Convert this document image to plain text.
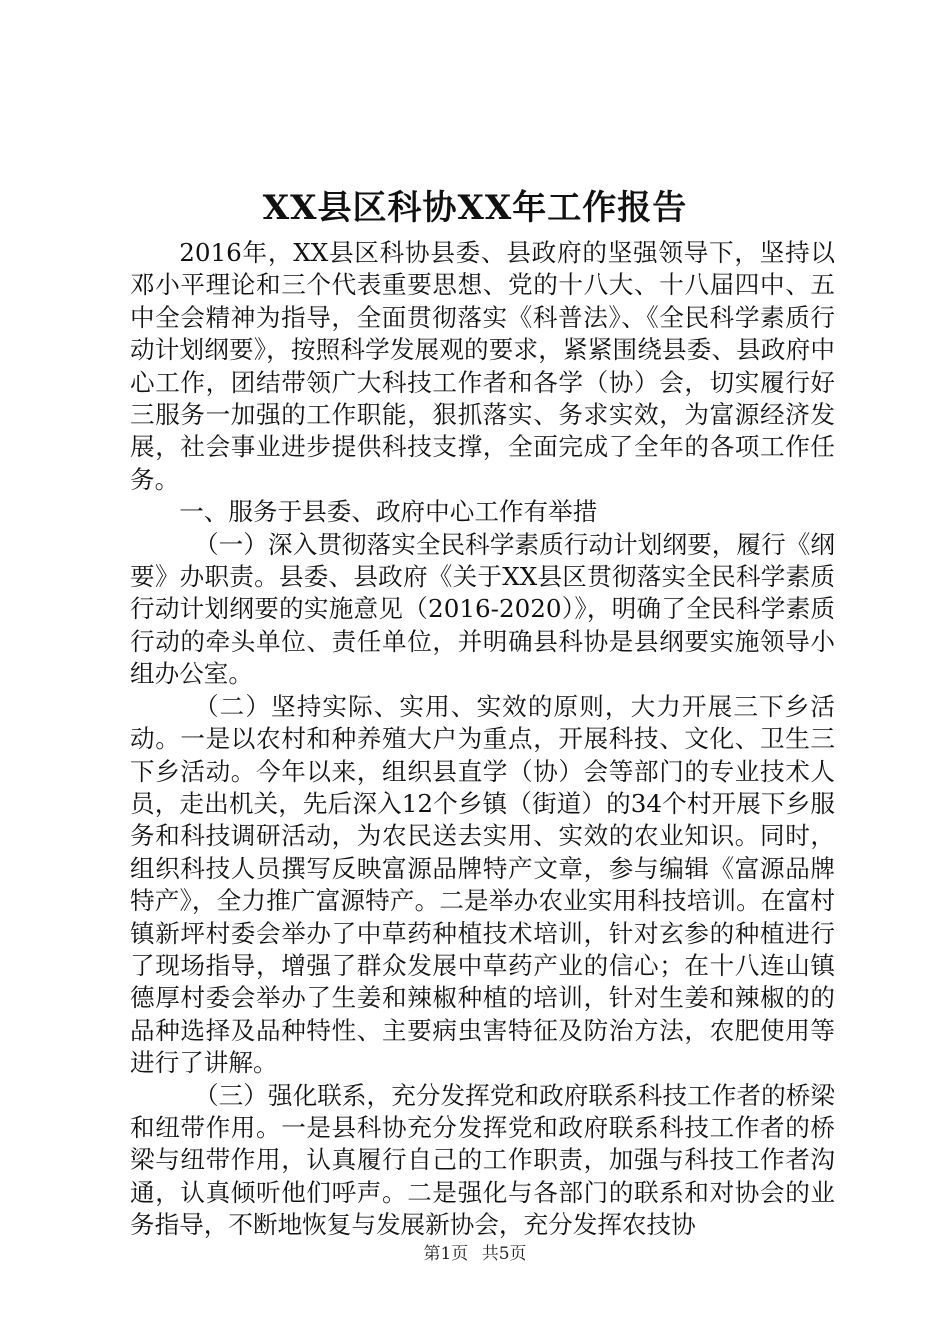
XX县区科协XX年工作报告

2016年，XX县区科协县委、县政府的坚强领导下，坚持以邓小平理论和三个代表重要思想、党的十八大、十八届四中、五中全会精神为指导，全面贯彻落实《科普法》、《全民科学素质行动计划纲要》，按照科学发展观的要求，紧紧围绕县委、县政府中心工作，团结带领广大科技工作者和各学（协）会，切实履行好三服务一加强的工作职能，狠抓落实、务求实效，为富源经济发展，社会事业进步提供科技支撑，全面完成了全年的各项工作任务。

一、服务于县委、政府中心工作有举措

（一）深入贯彻落实全民科学素质行动计划纲要，履行《纲要》办职责。县委、县政府《关于XX县区贯彻落实全民科学素质行动计划纲要的实施意见（2016-2020）》，明确了全民科学素质行动的牵头单位、责任单位，并明确县科协是县纲要实施领导小组办公室。

（二）坚持实际、实用、实效的原则，大力开展三下乡活动。一是以农村和种养殖大户为重点，开展科技、文化、卫生三下乡活动。今年以来，组织县直学（协）会等部门的专业技术人员，走出机关，先后深入12个乡镇（街道）的34个村开展下乡服务和科技调研活动，为农民送去实用、实效的农业知识。同时，组织科技人员撰写反映富源品牌特产文章，参与编辑《富源品牌特产》，全力推广富源特产。二是举办农业实用科技培训。在富村镇新坪村委会举办了中草药种植技术培训，针对玄参的种植进行了现场指导，增强了群众发展中草药产业的信心；在十八连山镇德厚村委会举办了生姜和辣椒种植的培训，针对生姜和辣椒的的品种选择及品种特性、主要病虫害特征及防治方法，农肥使用等进行了讲解。

（三）强化联系，充分发挥党和政府联系科技工作者的桥梁和纽带作用。一是县科协充分发挥党和政府联系科技工作者的桥梁与纽带作用，认真履行自己的工作职责，加强与科技工作者沟通，认真倾听他们呼声。二是强化与各部门的联系和对协会的业务指导，不断地恢复与发展新协会，充分发挥农技协

第1页 共5页
